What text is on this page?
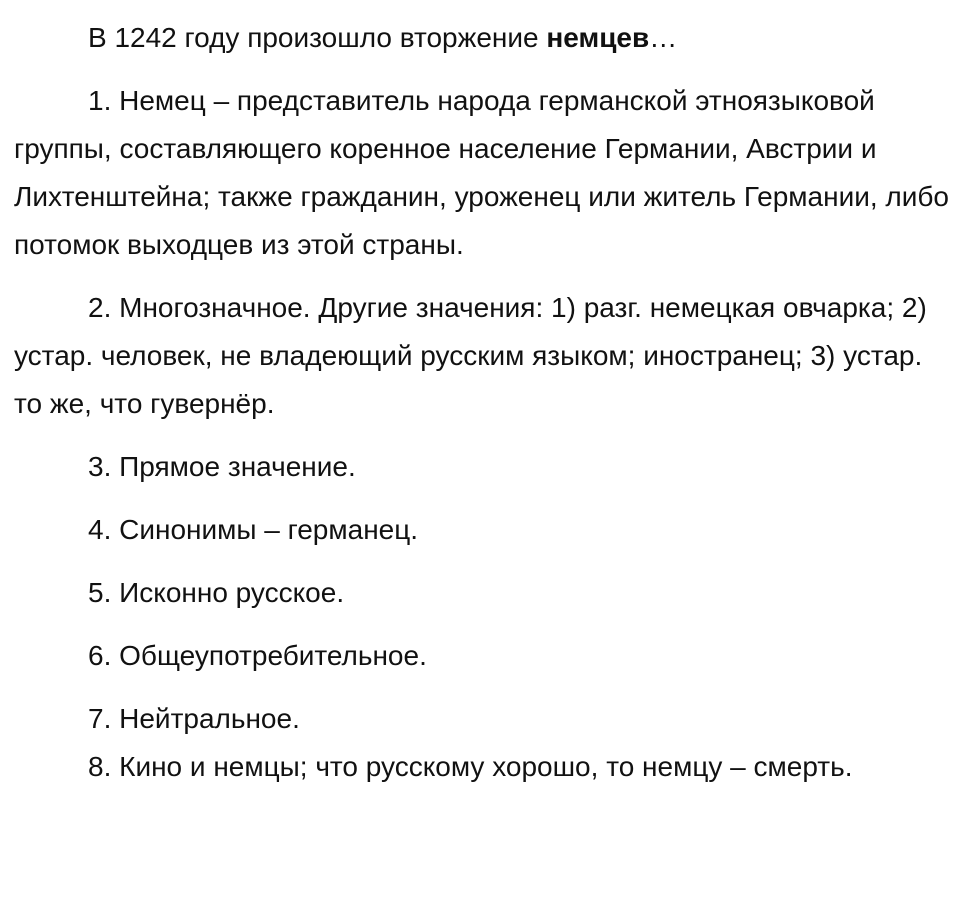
В 1242 году произошло вторжение немцев…

1. Немец – представитель народа германской этноязыковой группы, составляющего коренное население Германии, Австрии и Лихтенштейна; также гражданин, уроженец или житель Германии, либо потомок выходцев из этой страны.

2. Многозначное. Другие значения: 1) разг. немецкая овчарка; 2) устар. человек, не владеющий русским языком; иностранец; 3) устар. то же, что гувернёр.

3. Прямое значение.

4. Синонимы – германец.

5. Исконно русское.

6. Общеупотребительное.

7. Нейтральное.

8. Кино и немцы; что русскому хорошо, то немцу – смерть.
